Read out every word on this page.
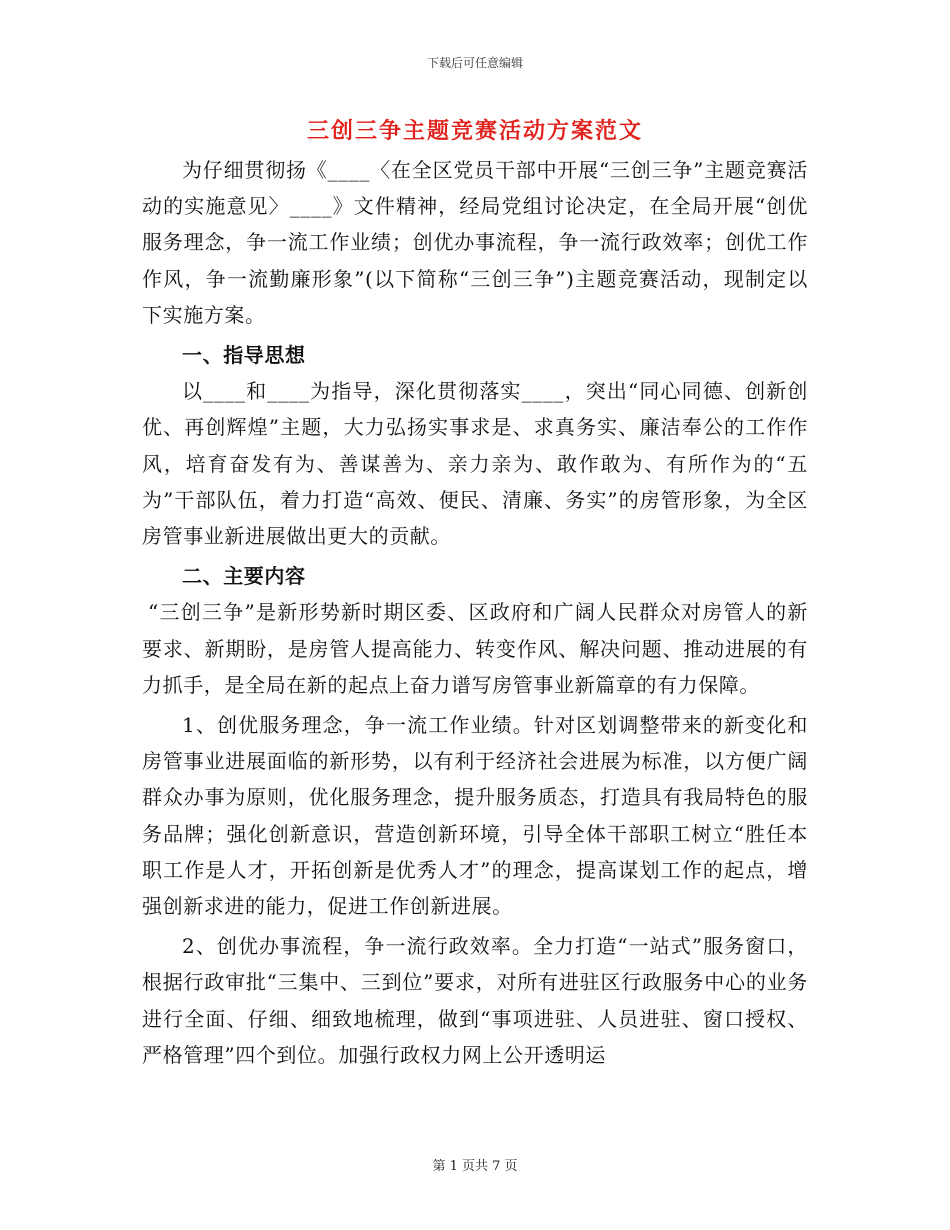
下载后可任意编辑
三创三争主题竞赛活动方案范文

为仔细贯彻扬《____〈在全区党员干部中开展“三创三争”主题竞赛活动的实施意见〉____》文件精神，经局党组讨论决定，在全局开展“创优服务理念，争一流工作业绩；创优办事流程，争一流行政效率；创优工作作风，争一流勤廉形象”(以下简称“三创三争”)主题竞赛活动，现制定以下实施方案。

一、指导思想

以____和____为指导，深化贯彻落实____，突出“同心同德、创新创优、再创辉煌”主题，大力弘扬实事求是、求真务实、廉洁奉公的工作作风，培育奋发有为、善谋善为、亲力亲为、敢作敢为、有所作为的“五为”干部队伍，着力打造“高效、便民、清廉、务实”的房管形象，为全区房管事业新进展做出更大的贡献。

二、主要内容

“三创三争”是新形势新时期区委、区政府和广阔人民群众对房管人的新要求、新期盼，是房管人提高能力、转变作风、解决问题、推动进展的有力抓手，是全局在新的起点上奋力谱写房管事业新篇章的有力保障。

1、创优服务理念，争一流工作业绩。针对区划调整带来的新变化和房管事业进展面临的新形势，以有利于经济社会进展为标准，以方便广阔群众办事为原则，优化服务理念，提升服务质态，打造具有我局特色的服务品牌；强化创新意识，营造创新环境，引导全体干部职工树立“胜任本职工作是人才，开拓创新是优秀人才”的理念，提高谋划工作的起点，增强创新求进的能力，促进工作创新进展。

2、创优办事流程，争一流行政效率。全力打造“一站式”服务窗口，根据行政审批“三集中、三到位”要求，对所有进驻区行政服务中心的业务进行全面、仔细、细致地梳理，做到“事项进驻、人员进驻、窗口授权、严格管理”四个到位。加强行政权力网上公开透明运

第 1 页共 7 页
